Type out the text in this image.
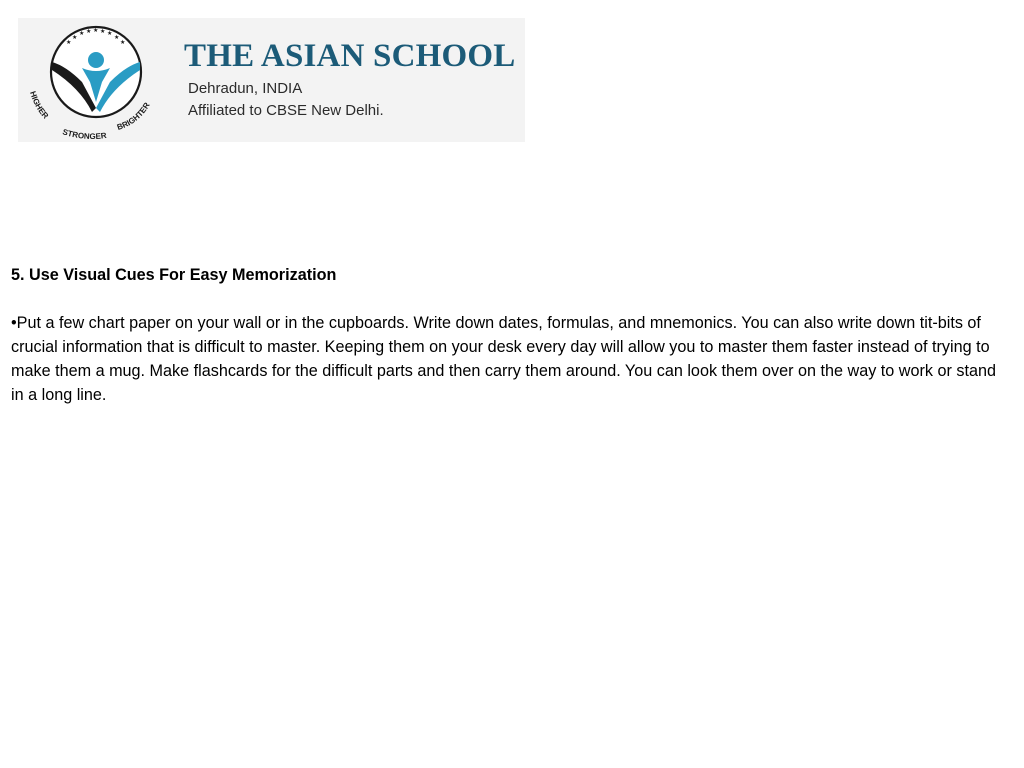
★
★
★ ★ ★ ★ ★
★
★
HIGHER
STRONGER
BRIGHTER
THE ASIAN SCHOOL
Dehradun, INDIA
Affiliated to CBSE New Delhi.

5. Use Visual Cues For Easy Memorization

•Put a few chart paper on your wall or in the cupboards. Write down dates, formulas, and mnemonics. You can also write down tit-bits of crucial information that is difficult to master. Keeping them on your desk every day will allow you to master them faster instead of trying to make them a mug. Make flashcards for the difficult parts and then carry them around. You can look them over on the way to work or stand in a long line.
